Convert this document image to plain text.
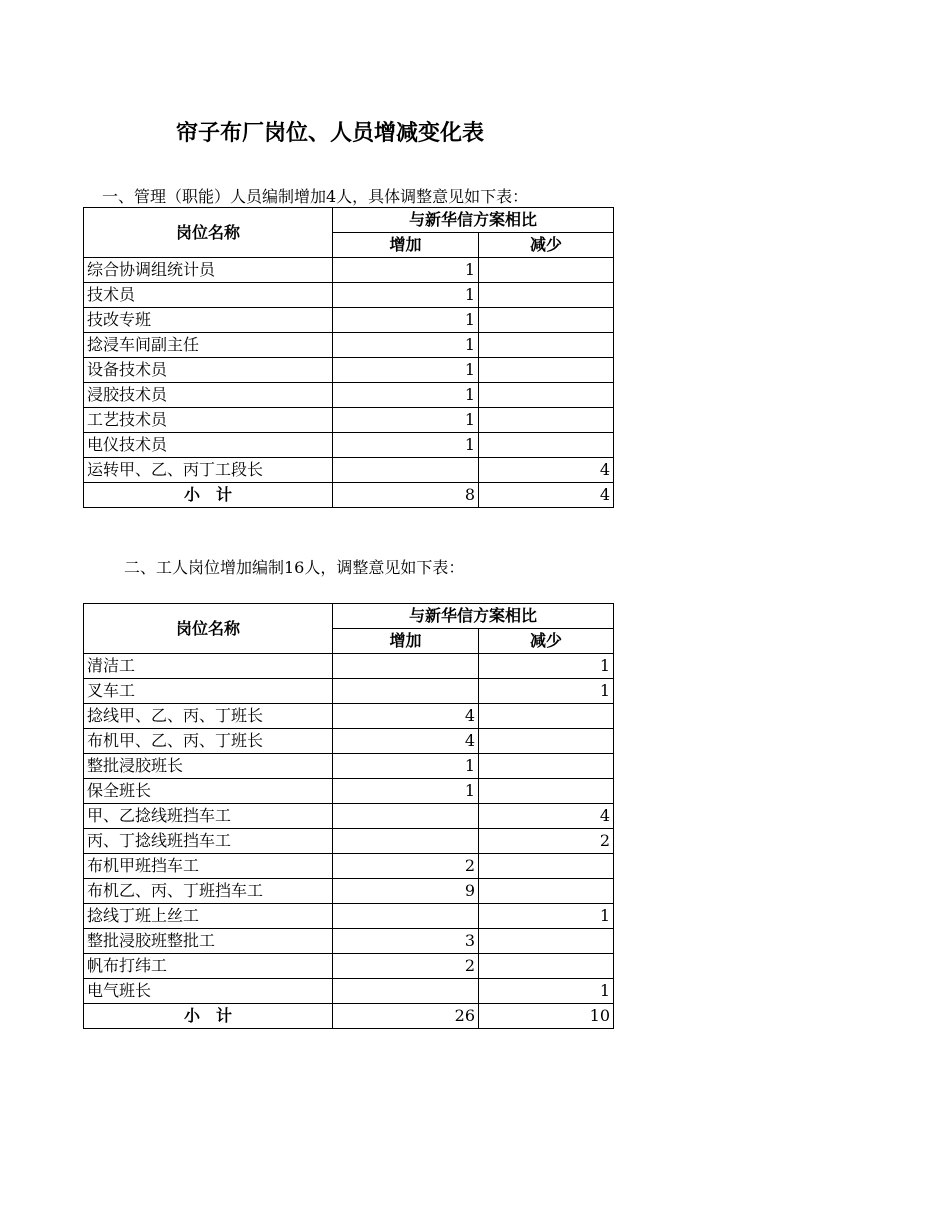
帘子布厂岗位、人员增减变化表
一、管理（职能）人员编制增加4人，具体调整意见如下表：
岗位名称	与新华信方案相比	
	增加	减少
综合协调组统计员	1	
技术员	1	
技改专班	1	
捻浸车间副主任	1	
设备技术员	1	
浸胶技术员	1	
工艺技术员	1	
电仪技术员	1	
运转甲、乙、丙丁工段长		4
小　计	8	4
二、工人岗位增加编制16人，调整意见如下表：
岗位名称	与新华信方案相比	
	增加	减少
清洁工		1
叉车工		1
捻线甲、乙、丙、丁班长	4	
布机甲、乙、丙、丁班长	4	
整批浸胶班长	1	
保全班长	1	
甲、乙捻线班挡车工		4
丙、丁捻线班挡车工		2
布机甲班挡车工	2	
布机乙、丙、丁班挡车工	9	
捻线丁班上丝工		1
整批浸胶班整批工	3	
帆布打纬工	2	
电气班长		1
小　计	26	10
